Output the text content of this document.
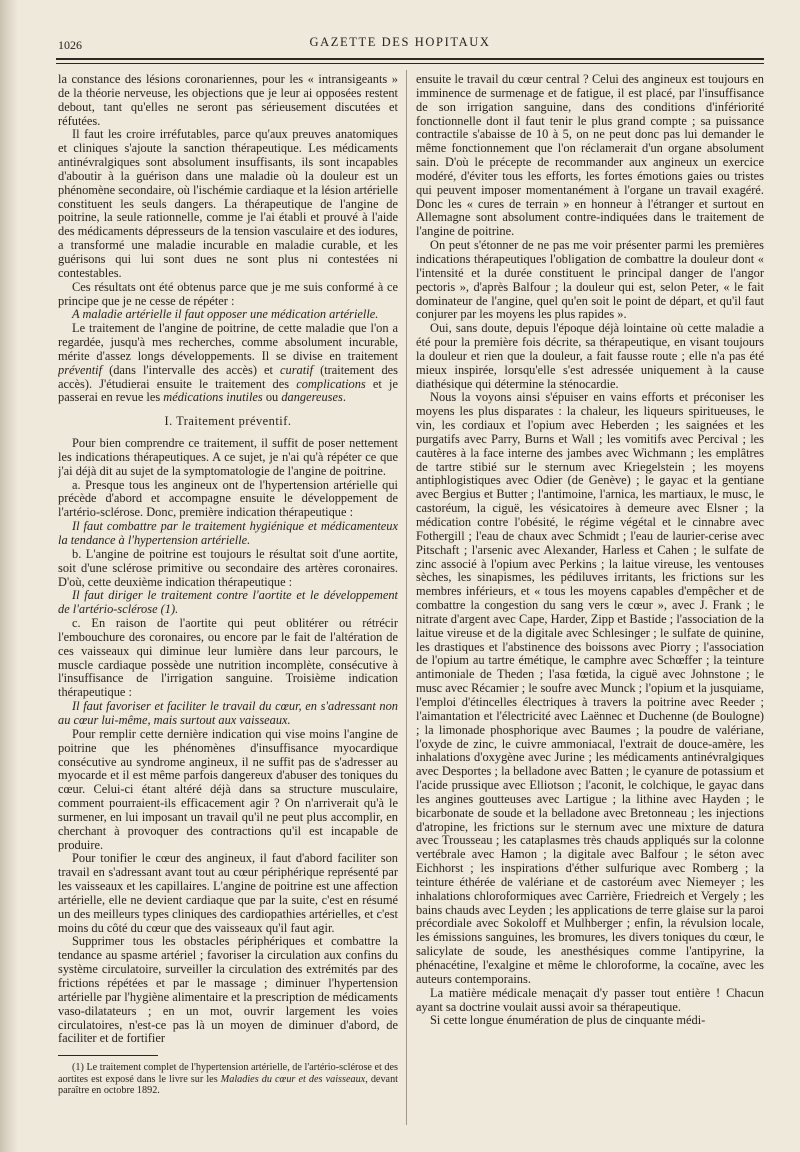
1026	GAZETTE DES HOPITAUX

la constance des lésions coronariennes, pour les « intransigeants » de la théorie nerveuse, les objections que je leur ai opposées restent debout, tant qu'elles ne seront pas sérieusement discutées et réfutées.

Il faut les croire irréfutables, parce qu'aux preuves anatomiques et cliniques s'ajoute la sanction thérapeutique. Les médicaments antinévralgiques sont absolument insuffisants, ils sont incapables d'aboutir à la guérison dans une maladie où la douleur est un phénomène secondaire, où l'ischémie cardiaque et la lésion artérielle constituent les seuls dangers. La thérapeutique de l'angine de poitrine, la seule rationnelle, comme je l'ai établi et prouvé à l'aide des médicaments dépresseurs de la tension vasculaire et des iodures, a transformé une maladie incurable en maladie curable, et les guérisons qui lui sont dues ne sont plus ni contestées ni contestables.

Ces résultats ont été obtenus parce que je me suis conformé à ce principe que je ne cesse de répéter :

A maladie artérielle il faut opposer une médication artérielle.

Le traitement de l'angine de poitrine, de cette maladie que l'on a regardée, jusqu'à mes recherches, comme absolument incurable, mérite d'assez longs développements. Il se divise en traitement préventif (dans l'intervalle des accès) et curatif (traitement des accès). J'étudierai ensuite le traitement des complications et je passerai en revue les médications inutiles ou dangereuses.

I. Traitement préventif.

Pour bien comprendre ce traitement, il suffit de poser nettement les indications thérapeutiques. A ce sujet, je n'ai qu'à répéter ce que j'ai déjà dit au sujet de la symptomatologie de l'angine de poitrine.

a. Presque tous les angineux ont de l'hypertension artérielle qui précède d'abord et accompagne ensuite le développement de l'artério-sclérose. Donc, première indication thérapeutique :

Il faut combattre par le traitement hygiénique et médicamenteux la tendance à l'hypertension artérielle.

b. L'angine de poitrine est toujours le résultat soit d'une aortite, soit d'une sclérose primitive ou secondaire des artères coronaires. D'où, cette deuxième indication thérapeutique :

Il faut diriger le traitement contre l'aortite et le développement de l'artério-sclérose (1).

c. En raison de l'aortite qui peut oblitérer ou rétrécir l'embouchure des coronaires, ou encore par le fait de l'altération de ces vaisseaux qui diminue leur lumière dans leur parcours, le muscle cardiaque possède une nutrition incomplète, consécutive à l'insuffisance de l'irrigation sanguine. Troisième indication thérapeutique :

Il faut favoriser et faciliter le travail du cœur, en s'adressant non au cœur lui-même, mais surtout aux vaisseaux.

Pour remplir cette dernière indication qui vise moins l'angine de poitrine que les phénomènes d'insuffisance myocardique consécutive au syndrome angineux, il ne suffit pas de s'adresser au myocarde et il est même parfois dangereux d'abuser des toniques du cœur. Celui-ci étant altéré déjà dans sa structure musculaire, comment pourraient-ils efficacement agir ? On n'arriverait qu'à le surmener, en lui imposant un travail qu'il ne peut plus accomplir, en cherchant à provoquer des contractions qu'il est incapable de produire.

Pour tonifier le cœur des angineux, il faut d'abord faciliter son travail en s'adressant avant tout au cœur périphérique représenté par les vaisseaux et les capillaires. L'angine de poitrine est une affection artérielle, elle ne devient cardiaque que par la suite, c'est en résumé un des meilleurs types cliniques des cardiopathies artérielles, et c'est moins du côté du cœur que des vaisseaux qu'il faut agir.

Supprimer tous les obstacles périphériques et combattre la tendance au spasme artériel ; favoriser la circulation aux confins du système circulatoire, surveiller la circulation des extrémités par des frictions répétées et par le massage ; diminuer l'hypertension artérielle par l'hygiène alimentaire et la prescription de médicaments vaso-dilatateurs ; en un mot, ouvrir largement les voies circulatoires, n'est-ce pas là un moyen de diminuer d'abord, de faciliter et de fortifier

(1) Le traitement complet de l'hypertension artérielle, de l'artério-sclérose et des aortites est exposé dans le livre sur les Maladies du cœur et des vaisseaux, devant paraître en octobre 1892.

ensuite le travail du cœur central ? Celui des angineux est toujours en imminence de surmenage et de fatigue, il est placé, par l'insuffisance de son irrigation sanguine, dans des conditions d'infériorité fonctionnelle dont il faut tenir le plus grand compte ; sa puissance contractile s'abaisse de 10 à 5, on ne peut donc pas lui demander le même fonctionnement que l'on réclamerait d'un organe absolument sain. D'où le précepte de recommander aux angineux un exercice modéré, d'éviter tous les efforts, les fortes émotions gaies ou tristes qui peuvent imposer momentanément à l'organe un travail exagéré. Donc les « cures de terrain » en honneur à l'étranger et surtout en Allemagne sont absolument contre-indiquées dans le traitement de l'angine de poitrine.

On peut s'étonner de ne pas me voir présenter parmi les premières indications thérapeutiques l'obligation de combattre la douleur dont « l'intensité et la durée constituent le principal danger de l'angor pectoris », d'après Balfour ; la douleur qui est, selon Peter, « le fait dominateur de l'angine, quel qu'en soit le point de départ, et qu'il faut conjurer par les moyens les plus rapides ».

Oui, sans doute, depuis l'époque déjà lointaine où cette maladie a été pour la première fois décrite, sa thérapeutique, en visant toujours la douleur et rien que la douleur, a fait fausse route ; elle n'a pas été mieux inspirée, lorsqu'elle s'est adressée uniquement à la cause diathésique qui détermine la sténocardie.

Nous la voyons ainsi s'épuiser en vains efforts et préconiser les moyens les plus disparates : la chaleur, les liqueurs spiritueuses, le vin, les cordiaux et l'opium avec Heberden ; les saignées et les purgatifs avec Parry, Burns et Wall ; les vomitifs avec Percival ; les cautères à la face interne des jambes avec Wichmann ; les emplâtres de tartre stibié sur le sternum avec Kriegelstein ; les moyens antiphlogistiques avec Odier (de Genève) ; le gayac et la gentiane avec Bergius et Butter ; l'antimoine, l'arnica, les martiaux, le musc, le castoréum, la ciguë, les vésicatoires à demeure avec Elsner ; la médication contre l'obésité, le régime végétal et le cinnabre avec Fothergill ; l'eau de chaux avec Schmidt ; l'eau de laurier-cerise avec Pitschaft ; l'arsenic avec Alexander, Harless et Cahen ; le sulfate de zinc associé à l'opium avec Perkins ; la laitue vireuse, les ventouses sèches, les sinapismes, les pédiluves irritants, les frictions sur les membres inférieurs, et « tous les moyens capables d'empêcher et de combattre la congestion du sang vers le cœur », avec J. Frank ; le nitrate d'argent avec Cape, Harder, Zipp et Bastide ; l'association de la laitue vireuse et de la digitale avec Schlesinger ; le sulfate de quinine, les drastiques et l'abstinence des boissons avec Piorry ; l'association de l'opium au tartre émétique, le camphre avec Schœffer ; la teinture antimoniale de Theden ; l'asa fœtida, la ciguë avec Johnstone ; le musc avec Récamier ; le soufre avec Munck ; l'opium et la jusquiame, l'emploi d'étincelles électriques à travers la poitrine avec Reeder ; l'aimantation et l'électricité avec Laënnec et Duchenne (de Boulogne) ; la limonade phosphorique avec Baumes ; la poudre de valériane, l'oxyde de zinc, le cuivre ammoniacal, l'extrait de douce-amère, les inhalations d'oxygène avec Jurine ; les médicaments antinévralgiques avec Desportes ; la belladone avec Batten ; le cyanure de potassium et l'acide prussique avec Elliotson ; l'aconit, le colchique, le gayac dans les angines goutteuses avec Lartigue ; la lithine avec Hayden ; le bicarbonate de soude et la belladone avec Bretonneau ; les injections d'atropine, les frictions sur le sternum avec une mixture de datura avec Trousseau ; les cataplasmes très chauds appliqués sur la colonne vertébrale avec Hamon ; la digitale avec Balfour ; le séton avec Eichhorst ; les inspirations d'éther sulfurique avec Romberg ; la teinture éthérée de valériane et de castoréum avec Niemeyer ; les inhalations chloroformiques avec Carrière, Friedreich et Vergely ; les bains chauds avec Leyden ; les applications de terre glaise sur la paroi précordiale avec Sokoloff et Mulhberger ; enfin, la révulsion locale, les émissions sanguines, les bromures, les divers toniques du cœur, le salicylate de soude, les anesthésiques comme l'antipyrine, la phénacétine, l'exalgine et même le chloroforme, la cocaïne, avec les auteurs contemporains.

La matière médicale menaçait d'y passer tout entière ! Chacun ayant sa doctrine voulait aussi avoir sa thérapeutique.

Si cette longue énumération de plus de cinquante médi-
